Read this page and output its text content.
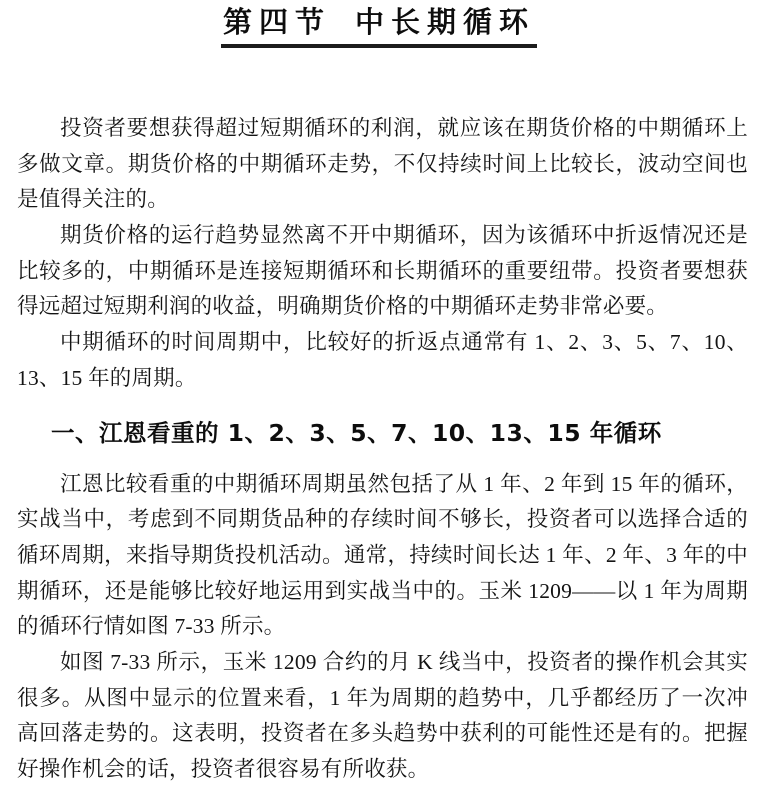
第四节 中长期循环

投资者要想获得超过短期循环的利润，就应该在期货价格的中期循环上多做文章。期货价格的中期循环走势，不仅持续时间上比较长，波动空间也是值得关注的。

期货价格的运行趋势显然离不开中期循环，因为该循环中折返情况还是比较多的，中期循环是连接短期循环和长期循环的重要纽带。投资者要想获得远超过短期利润的收益，明确期货价格的中期循环走势非常必要。

中期循环的时间周期中，比较好的折返点通常有 1、2、3、5、7、10、13、15 年的周期。

一、江恩看重的 1、2、3、5、7、10、13、15 年循环

江恩比较看重的中期循环周期虽然包括了从 1 年、2 年到 15 年的循环，实战当中，考虑到不同期货品种的存续时间不够长，投资者可以选择合适的循环周期，来指导期货投机活动。通常，持续时间长达 1 年、2 年、3 年的中期循环，还是能够比较好地运用到实战当中的。玉米 1209——以 1 年为周期的循环行情如图 7-33 所示。

如图 7-33 所示，玉米 1209 合约的月 K 线当中，投资者的操作机会其实很多。从图中显示的位置来看，1 年为周期的趋势中，几乎都经历了一次冲高回落走势的。这表明，投资者在多头趋势中获利的可能性还是有的。把握好操作机会的话，投资者很容易有所收获。
